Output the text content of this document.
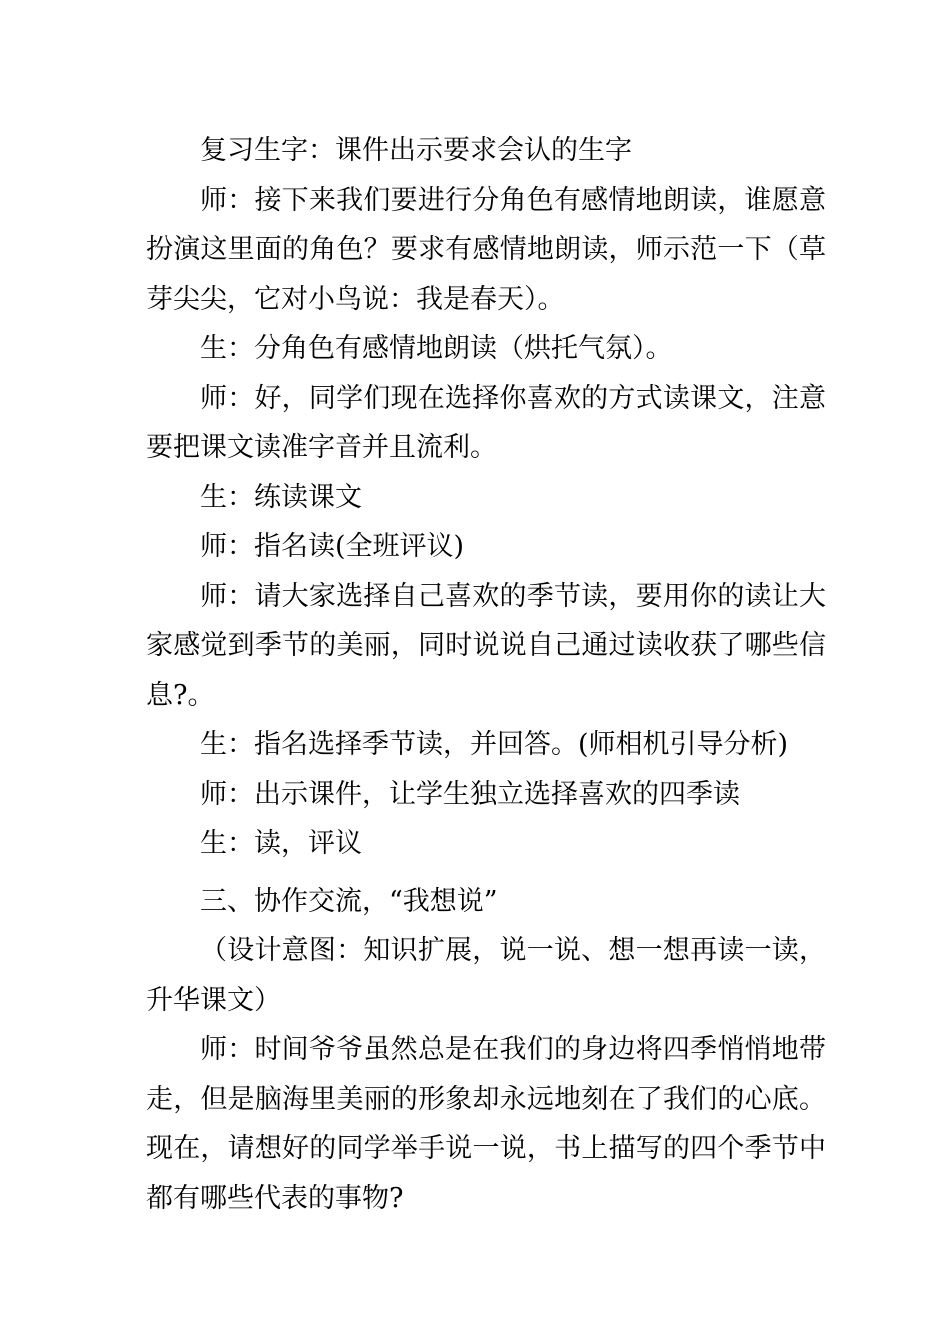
复习生字：课件出示要求会认的生字

师：接下来我们要进行分角色有感情地朗读，谁愿意扮演这里面的角色？要求有感情地朗读，师示范一下（草芽尖尖，它对小鸟说：我是春天）。

生：分角色有感情地朗读（烘托气氛）。

师：好，同学们现在选择你喜欢的方式读课文，注意要把课文读准字音并且流利。

生：练读课文

师：指名读(全班评议)

师：请大家选择自己喜欢的季节读，要用你的读让大家感觉到季节的美丽，同时说说自己通过读收获了哪些信息?。

生：指名选择季节读，并回答。(师相机引导分析)

师：出示课件，让学生独立选择喜欢的四季读

生：读，评议

三、协作交流，“我想说”

（设计意图：知识扩展，说一说、想一想再读一读，升华课文）

师：时间爷爷虽然总是在我们的身边将四季悄悄地带走，但是脑海里美丽的形象却永远地刻在了我们的心底。现在，请想好的同学举手说一说，书上描写的四个季节中都有哪些代表的事物?
